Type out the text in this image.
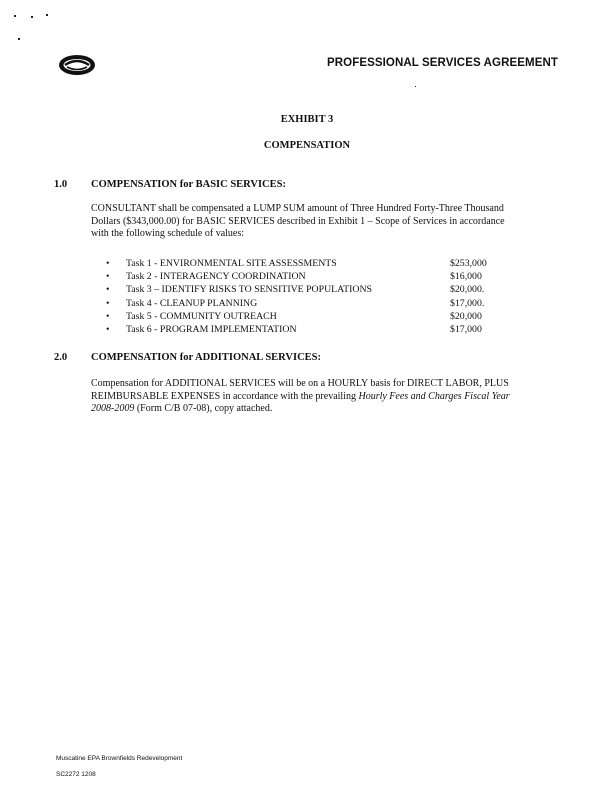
PROFESSIONAL SERVICES AGREEMENT
EXHIBIT 3
COMPENSATION
1.0 COMPENSATION for BASIC SERVICES:
CONSULTANT shall be compensated a LUMP SUM amount of Three Hundred Forty-Three Thousand
Dollars ($343,000.00) for BASIC SERVICES described in Exhibit 1 – Scope of Services in accordance
with the following schedule of values:
• Task 1 - ENVIRONMENTAL SITE ASSESSMENTS	$253,000
• Task 2 - INTERAGENCY COORDINATION	$16,000
• Task 3 – IDENTIFY RISKS TO SENSITIVE POPULATIONS	$20,000.
• Task 4 - CLEANUP PLANNING	$17,000.
• Task 5 - COMMUNITY OUTREACH	$20,000
• Task 6 - PROGRAM IMPLEMENTATION	$17,000
2.0 COMPENSATION for ADDITIONAL SERVICES:
Compensation for ADDITIONAL SERVICES will be on a HOURLY basis for DIRECT LABOR, PLUS
REIMBURSABLE EXPENSES in accordance with the prevailing Hourly Fees and Charges Fiscal Year
2008-2009 (Form C/B 07-08), copy attached.
Muscatine EPA Brownfields Redevelopment
SC2272 1208
